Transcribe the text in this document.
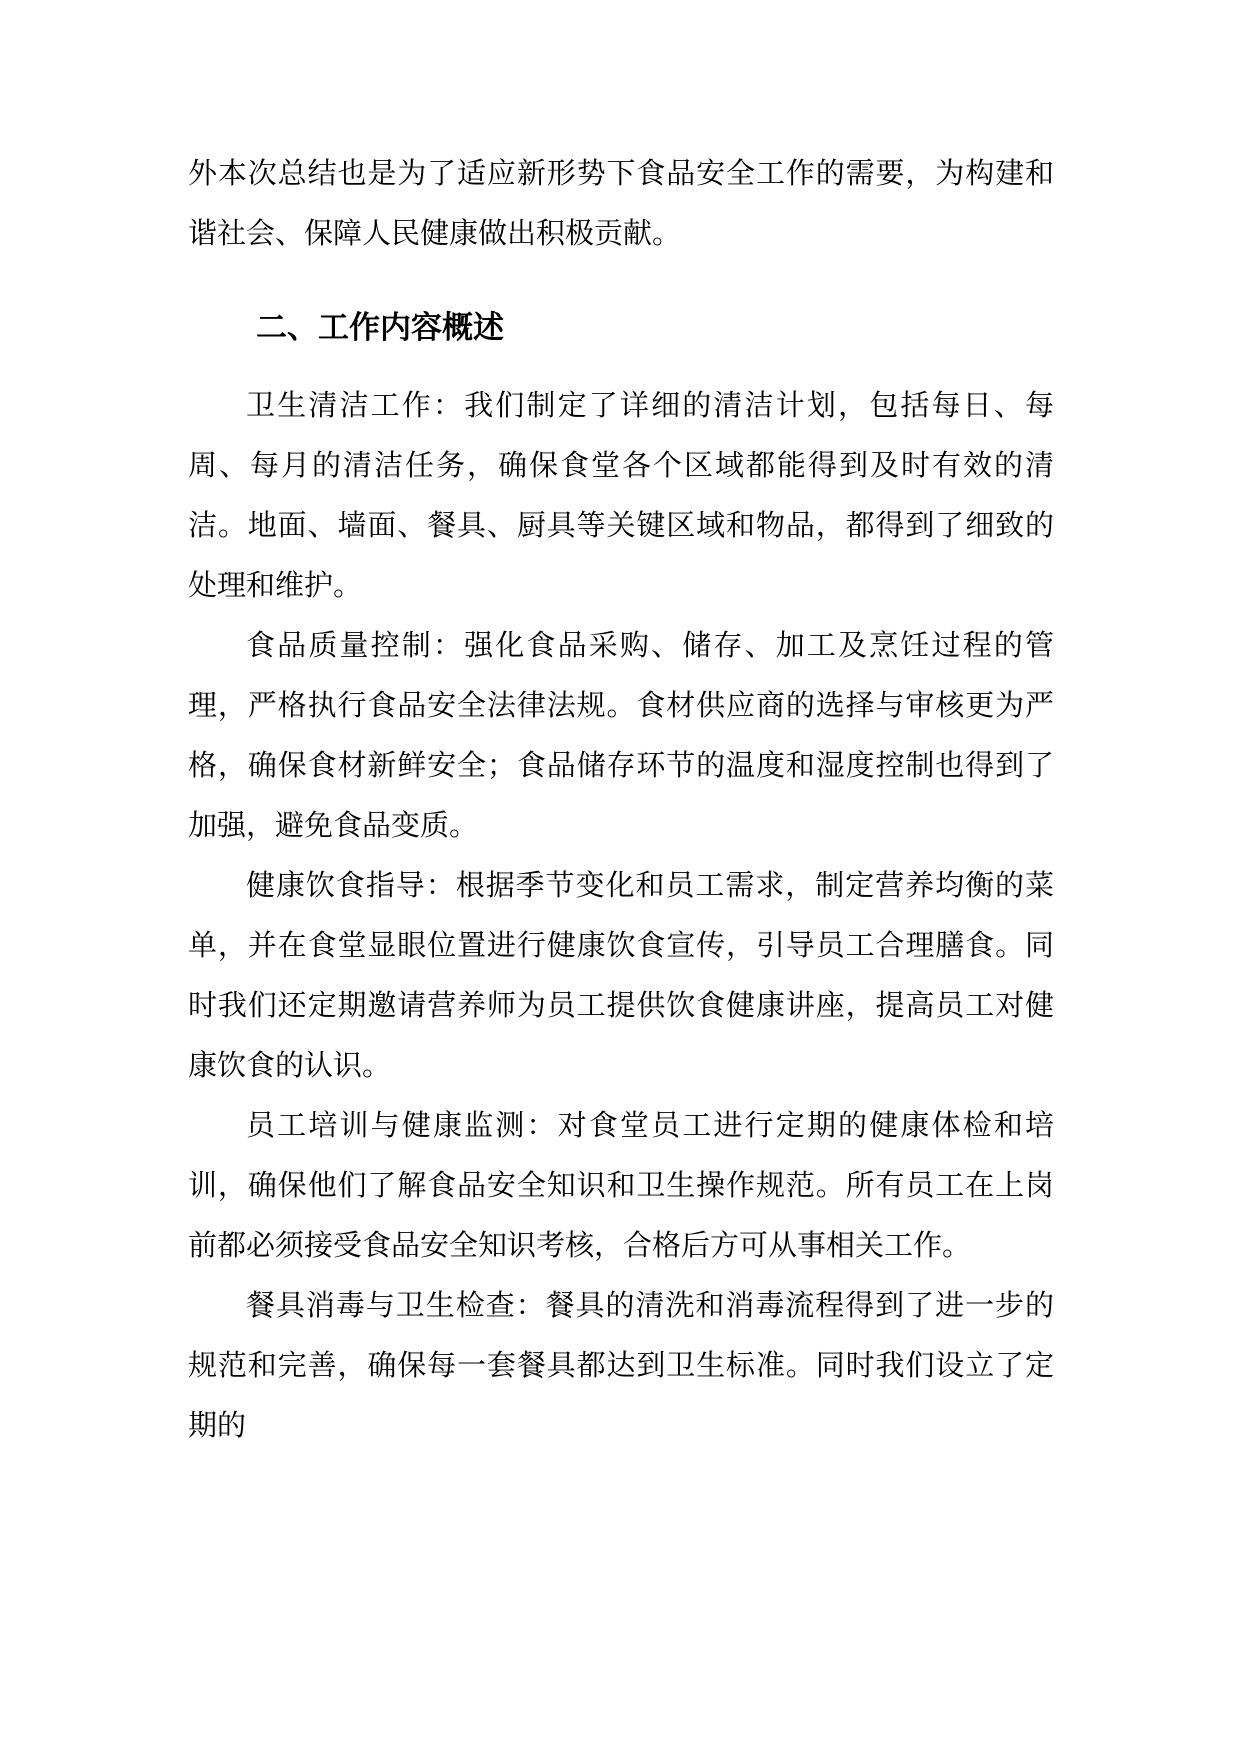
外本次总结也是为了适应新形势下食品安全工作的需要，为构建和谐社会、保障人民健康做出积极贡献。

二、工作内容概述

卫生清洁工作：我们制定了详细的清洁计划，包括每日、每周、每月的清洁任务，确保食堂各个区域都能得到及时有效的清洁。地面、墙面、餐具、厨具等关键区域和物品，都得到了细致的处理和维护。

食品质量控制：强化食品采购、储存、加工及烹饪过程的管理，严格执行食品安全法律法规。食材供应商的选择与审核更为严格，确保食材新鲜安全；食品储存环节的温度和湿度控制也得到了加强，避免食品变质。

健康饮食指导：根据季节变化和员工需求，制定营养均衡的菜单，并在食堂显眼位置进行健康饮食宣传，引导员工合理膳食。同时我们还定期邀请营养师为员工提供饮食健康讲座，提高员工对健康饮食的认识。

员工培训与健康监测：对食堂员工进行定期的健康体检和培训，确保他们了解食品安全知识和卫生操作规范。所有员工在上岗前都必须接受食品安全知识考核，合格后方可从事相关工作。

餐具消毒与卫生检查：餐具的清洗和消毒流程得到了进一步的规范和完善，确保每一套餐具都达到卫生标准。同时我们设立了定期的
